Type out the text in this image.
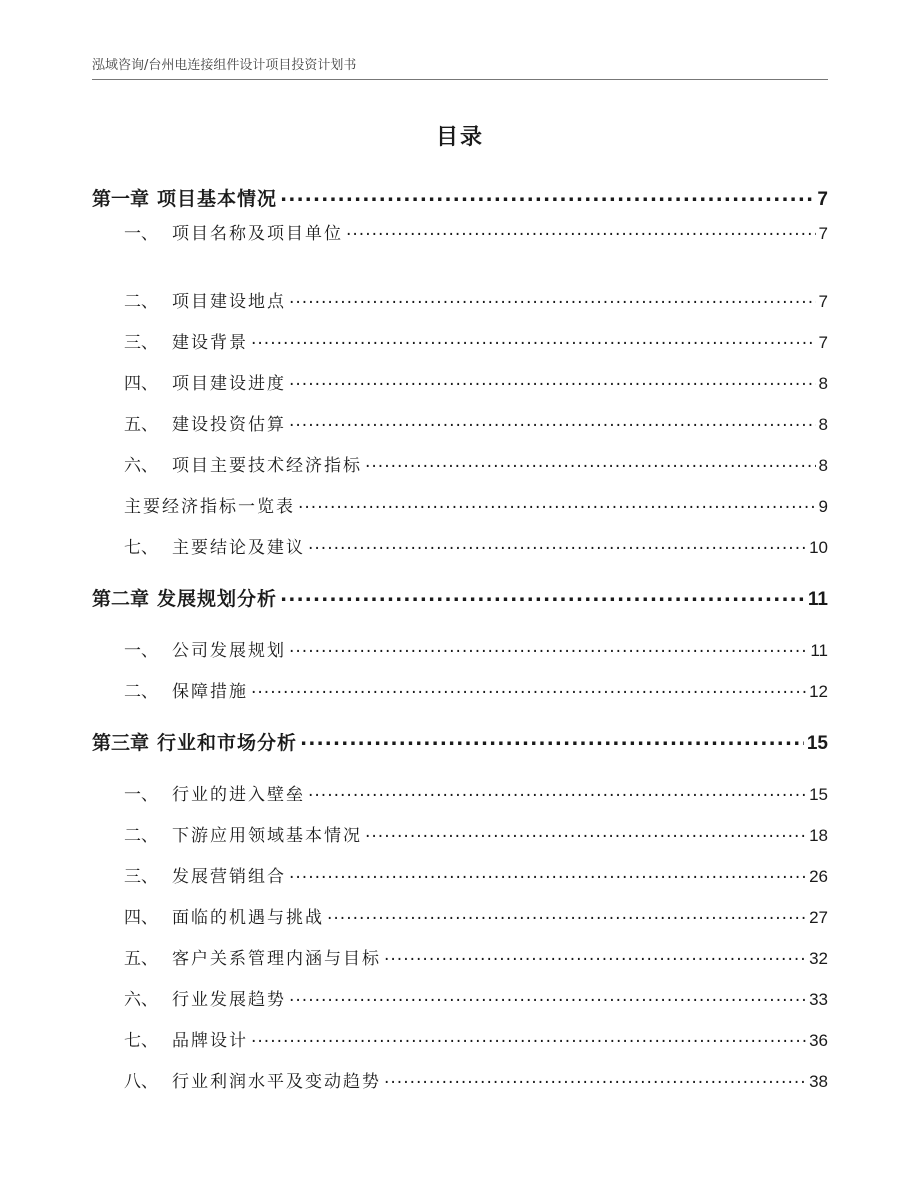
泓域咨询/台州电连接组件设计项目投资计划书
目录
第一章 项目基本情况 .....	7
一、 项目名称及项目单位 .....	7
二、 项目建设地点 .....	7
三、 建设背景 .....	7
四、 项目建设进度 .....	8
五、 建设投资估算 .....	8
六、 项目主要技术经济指标 .....	8
主要经济指标一览表 .....	9
七、 主要结论及建议 .....	10
第二章 发展规划分析 .....	11
一、 公司发展规划 .....	11
二、 保障措施 .....	12
第三章 行业和市场分析 .....	15
一、 行业的进入壁垒 .....	15
二、 下游应用领域基本情况 .....	18
三、 发展营销组合 .....	26
四、 面临的机遇与挑战 .....	27
五、 客户关系管理内涵与目标 .....	32
六、 行业发展趋势 .....	33
七、 品牌设计 .....	36
八、 行业利润水平及变动趋势 .....	38
